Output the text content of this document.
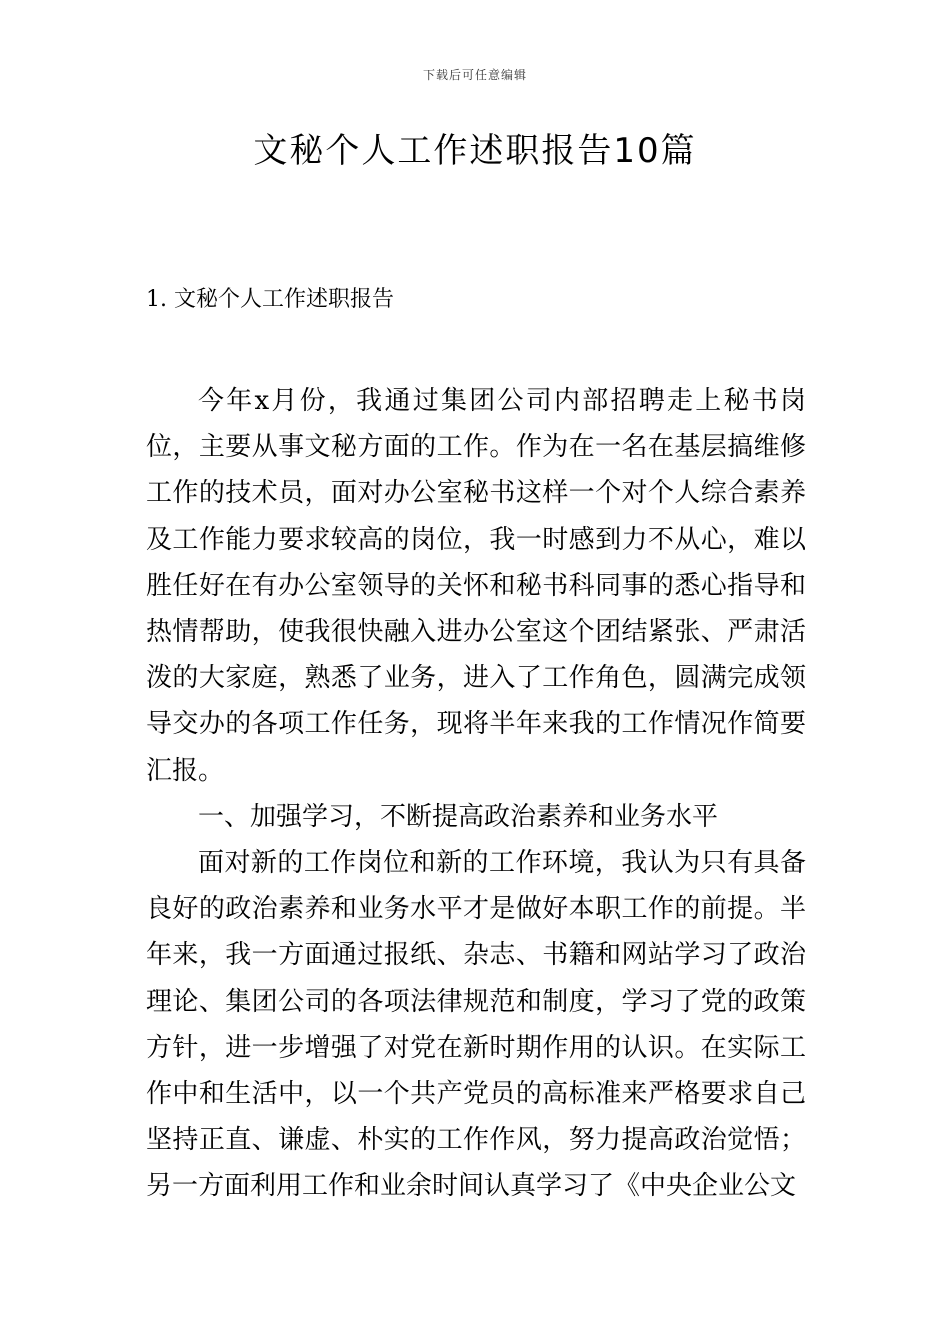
下载后可任意编辑
文秘个人工作述职报告10篇
1. 文秘个人工作述职报告

今年x月份，我通过集团公司内部招聘走上秘书岗位，主要从事文秘方面的工作。作为在一名在基层搞维修工作的技术员，面对办公室秘书这样一个对个人综合素养及工作能力要求较高的岗位，我一时感到力不从心，难以胜任好在有办公室领导的关怀和秘书科同事的悉心指导和热情帮助，使我很快融入进办公室这个团结紧张、严肃活泼的大家庭，熟悉了业务，进入了工作角色，圆满完成领导交办的各项工作任务，现将半年来我的工作情况作简要汇报。

一、加强学习，不断提高政治素养和业务水平

面对新的工作岗位和新的工作环境，我认为只有具备良好的政治素养和业务水平才是做好本职工作的前提。半年来，我一方面通过报纸、杂志、书籍和网站学习了政治理论、集团公司的各项法律规范和制度，学习了党的政策方针，进一步增强了对党在新时期作用的认识。在实际工作中和生活中，以一个共产党员的高标准来严格要求自己坚持正直、谦虚、朴实的工作作风，努力提高政治觉悟；另一方面利用工作和业余时间认真学习了《中央企业公文
